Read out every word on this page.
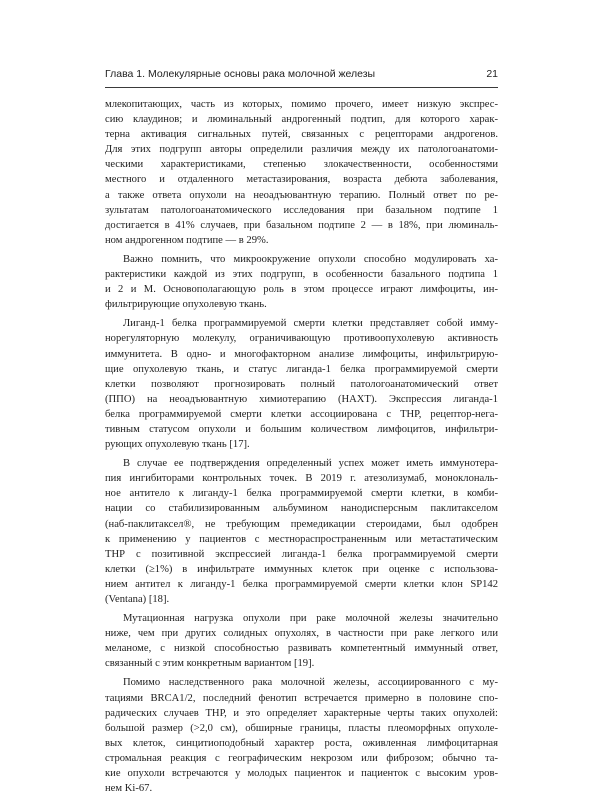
Глава 1. Молекулярные основы рака молочной железы	21
млекопитающих, часть из которых, помимо прочего, имеет низкую экспрес-
сию клаудинов; и люминальный андрогенный подтип, для которого харак-
терна активация сигнальных путей, связанных с рецепторами андрогенов.
Для этих подгрупп авторы определили различия между их патологоанатоми-
ческими характеристиками, степенью злокачественности, особенностями
местного и отдаленного метастазирования, возраста дебюта заболевания,
а также ответа опухоли на неоадъювантную терапию. Полный ответ по ре-
зультатам патологоанатомического исследования при базальном подтипе 1
достигается в 41% случаев, при базальном подтипе 2 — в 18%, при люминаль-
ном андрогенном подтипе — в 29%.
Важно помнить, что микроокружение опухоли способно модулировать ха-
рактеристики каждой из этих подгрупп, в особенности базального подтипа 1
и 2 и М. Основополагающую роль в этом процессе играют лимфоциты, ин-
фильтрирующие опухолевую ткань.
Лиганд-1 белка программируемой смерти клетки представляет собой имму-
норегуляторную молекулу, ограничивающую противоопухолевую активность
иммунитета. В одно- и многофакторном анализе лимфоциты, инфильтрирую-
щие опухолевую ткань, и статус лиганда-1 белка программируемой смерти
клетки позволяют прогнозировать полный патологоанатомический ответ
(ППО) на неоадъювантную химиотерапию (НАХТ). Экспрессия лиганда-1
белка программируемой смерти клетки ассоциирована с ТНР, рецептор-нега-
тивным статусом опухоли и большим количеством лимфоцитов, инфильтри-
рующих опухолевую ткань [17].
В случае ее подтверждения определенный успех может иметь иммунотера-
пия ингибиторами контрольных точек. В 2019 г. атезолизумаб, моноклональ-
ное антитело к лиганду-1 белка программируемой смерти клетки, в комби-
нации со стабилизированным альбумином нанодисперсным паклитакселом
(наб-паклитаксел®, не требующим премедикации стероидами, был одобрен
к применению у пациентов с местнораспространенным или метастатическим
ТНР с позитивной экспрессией лиганда-1 белка программируемой смерти
клетки (≥1%) в инфильтрате иммунных клеток при оценке с использова-
нием антител к лиганду-1 белка программируемой смерти клетки клон SP142
(Ventana) [18].
Мутационная нагрузка опухоли при раке молочной железы значительно
ниже, чем при других солидных опухолях, в частности при раке легкого или
меланоме, с низкой способностью развивать компетентный иммунный ответ,
связанный с этим конкретным вариантом [19].
Помимо наследственного рака молочной железы, ассоциированного с му-
тациями BRCA1/2, последний фенотип встречается примерно в половине спо-
радических случаев ТНР, и это определяет характерные черты таких опухолей:
большой размер (>2,0 см), обширные границы, пласты плеоморфных опухоле-
вых клеток, синцитиоподобный характер роста, оживленная лимфоцитарная
стромальная реакция с географическим некрозом или фиброзом; обычно та-
кие опухоли встречаются у молодых пациенток и пациенток с высоким уров-
нем Ki-67.
